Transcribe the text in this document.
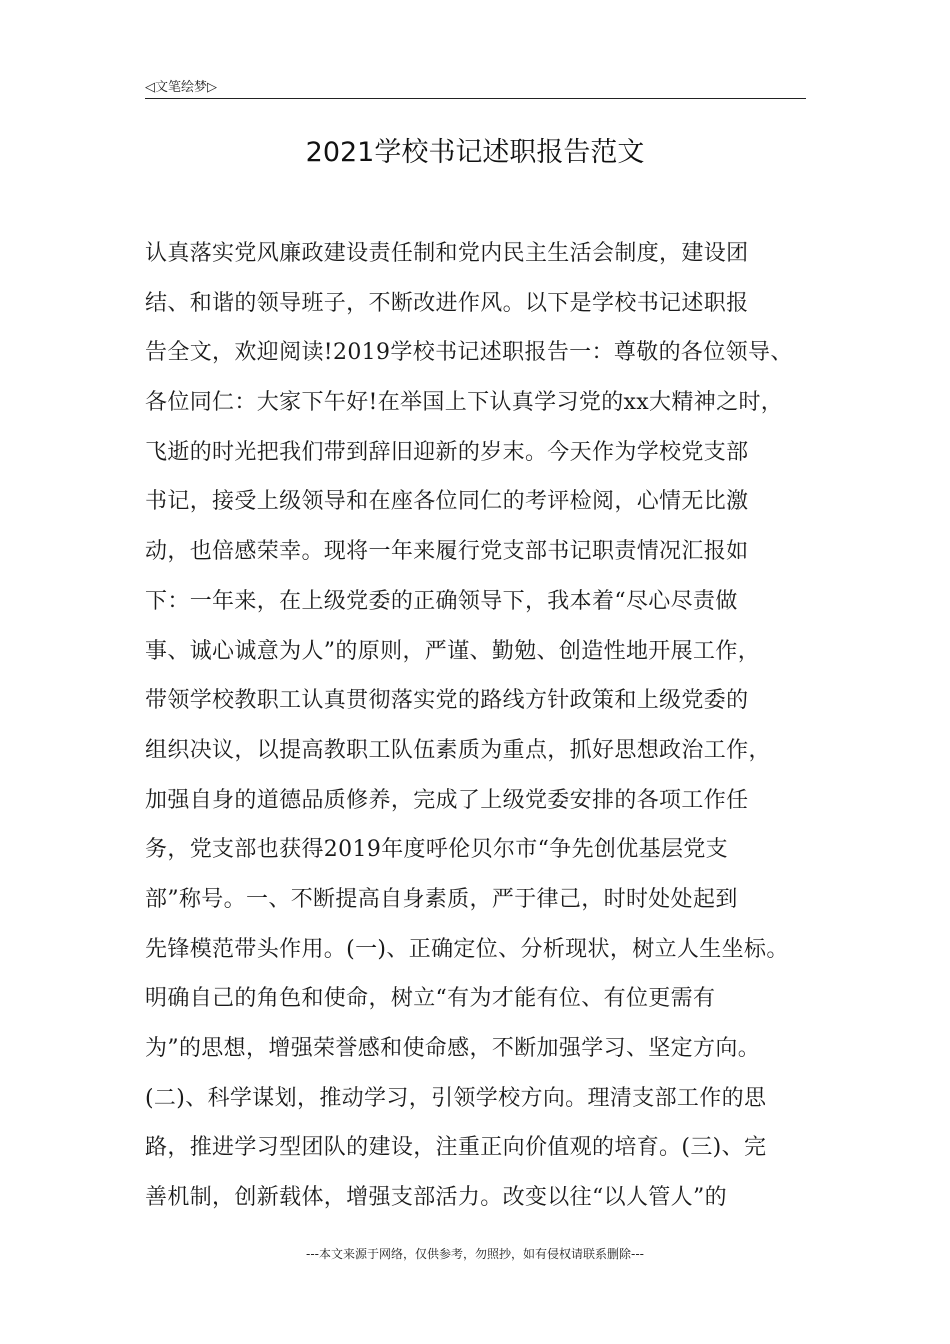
◁文笔绘梦▷
2021学校书记述职报告范文
认真落实党风廉政建设责任制和党内民主生活会制度，建设团
结、和谐的领导班子，不断改进作风。以下是学校书记述职报
告全文，欢迎阅读!2019学校书记述职报告一：尊敬的各位领导、
各位同仁：大家下午好!在举国上下认真学习党的xx大精神之时，
飞逝的时光把我们带到辞旧迎新的岁末。今天作为学校党支部
书记，接受上级领导和在座各位同仁的考评检阅，心情无比激
动，也倍感荣幸。现将一年来履行党支部书记职责情况汇报如
下：一年来，在上级党委的正确领导下，我本着“尽心尽责做
事、诚心诚意为人”的原则，严谨、勤勉、创造性地开展工作，
带领学校教职工认真贯彻落实党的路线方针政策和上级党委的
组织决议，以提高教职工队伍素质为重点，抓好思想政治工作，
加强自身的道德品质修养，完成了上级党委安排的各项工作任
务，党支部也获得2019年度呼伦贝尔市“争先创优基层党支
部”称号。一、不断提高自身素质，严于律己，时时处处起到
先锋模范带头作用。(一)、正确定位、分析现状，树立人生坐标。
明确自己的角色和使命，树立“有为才能有位、有位更需有
为”的思想，增强荣誉感和使命感，不断加强学习、坚定方向。
(二)、科学谋划，推动学习，引领学校方向。理清支部工作的思
路，推进学习型团队的建设，注重正向价值观的培育。(三)、完
善机制，创新载体，增强支部活力。改变以往“以人管人”的
---本文来源于网络，仅供参考，勿照抄，如有侵权请联系删除---
